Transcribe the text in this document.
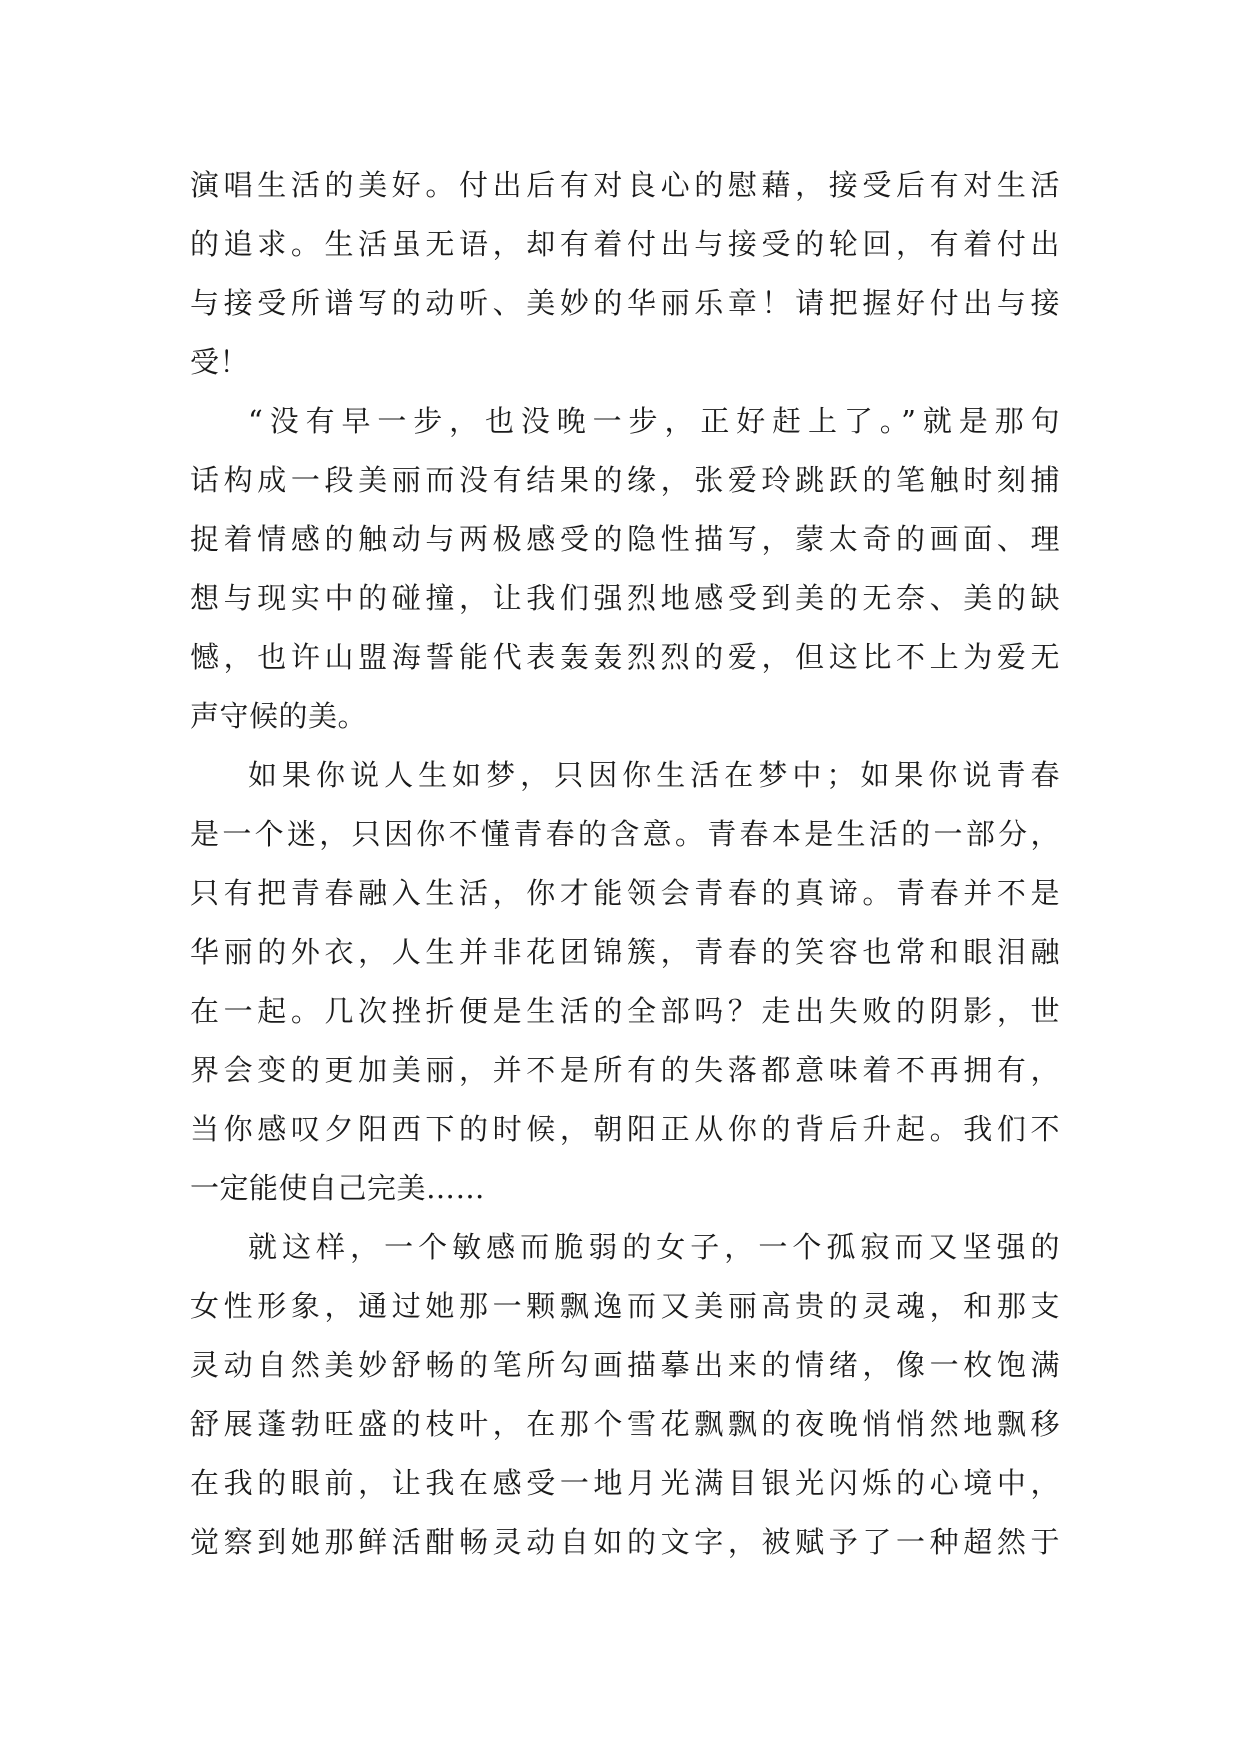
演唱生活的美好。付出后有对良心的慰藉，接受后有对生活
的追求。生活虽无语，却有着付出与接受的轮回，有着付出
与接受所谱写的动听、美妙的华丽乐章！请把握好付出与接
受！
“没有早一步，也没晚一步，正好赶上了。”就是那句
话构成一段美丽而没有结果的缘，张爱玲跳跃的笔触时刻捕
捉着情感的触动与两极感受的隐性描写，蒙太奇的画面、理
想与现实中的碰撞，让我们强烈地感受到美的无奈、美的缺
憾，也许山盟海誓能代表轰轰烈烈的爱，但这比不上为爱无
声守候的美。
如果你说人生如梦，只因你生活在梦中；如果你说青春
是一个迷，只因你不懂青春的含意。青春本是生活的一部分，
只有把青春融入生活，你才能领会青春的真谛。青春并不是
华丽的外衣，人生并非花团锦簇，青春的笑容也常和眼泪融
在一起。几次挫折便是生活的全部吗？走出失败的阴影，世
界会变的更加美丽，并不是所有的失落都意味着不再拥有，
当你感叹夕阳西下的时候，朝阳正从你的背后升起。我们不
一定能使自己完美……
就这样，一个敏感而脆弱的女子，一个孤寂而又坚强的
女性形象，通过她那一颗飘逸而又美丽高贵的灵魂，和那支
灵动自然美妙舒畅的笔所勾画描摹出来的情绪，像一枚饱满
舒展蓬勃旺盛的枝叶，在那个雪花飘飘的夜晚悄悄然地飘移
在我的眼前，让我在感受一地月光满目银光闪烁的心境中，
觉察到她那鲜活酣畅灵动自如的文字，被赋予了一种超然于
